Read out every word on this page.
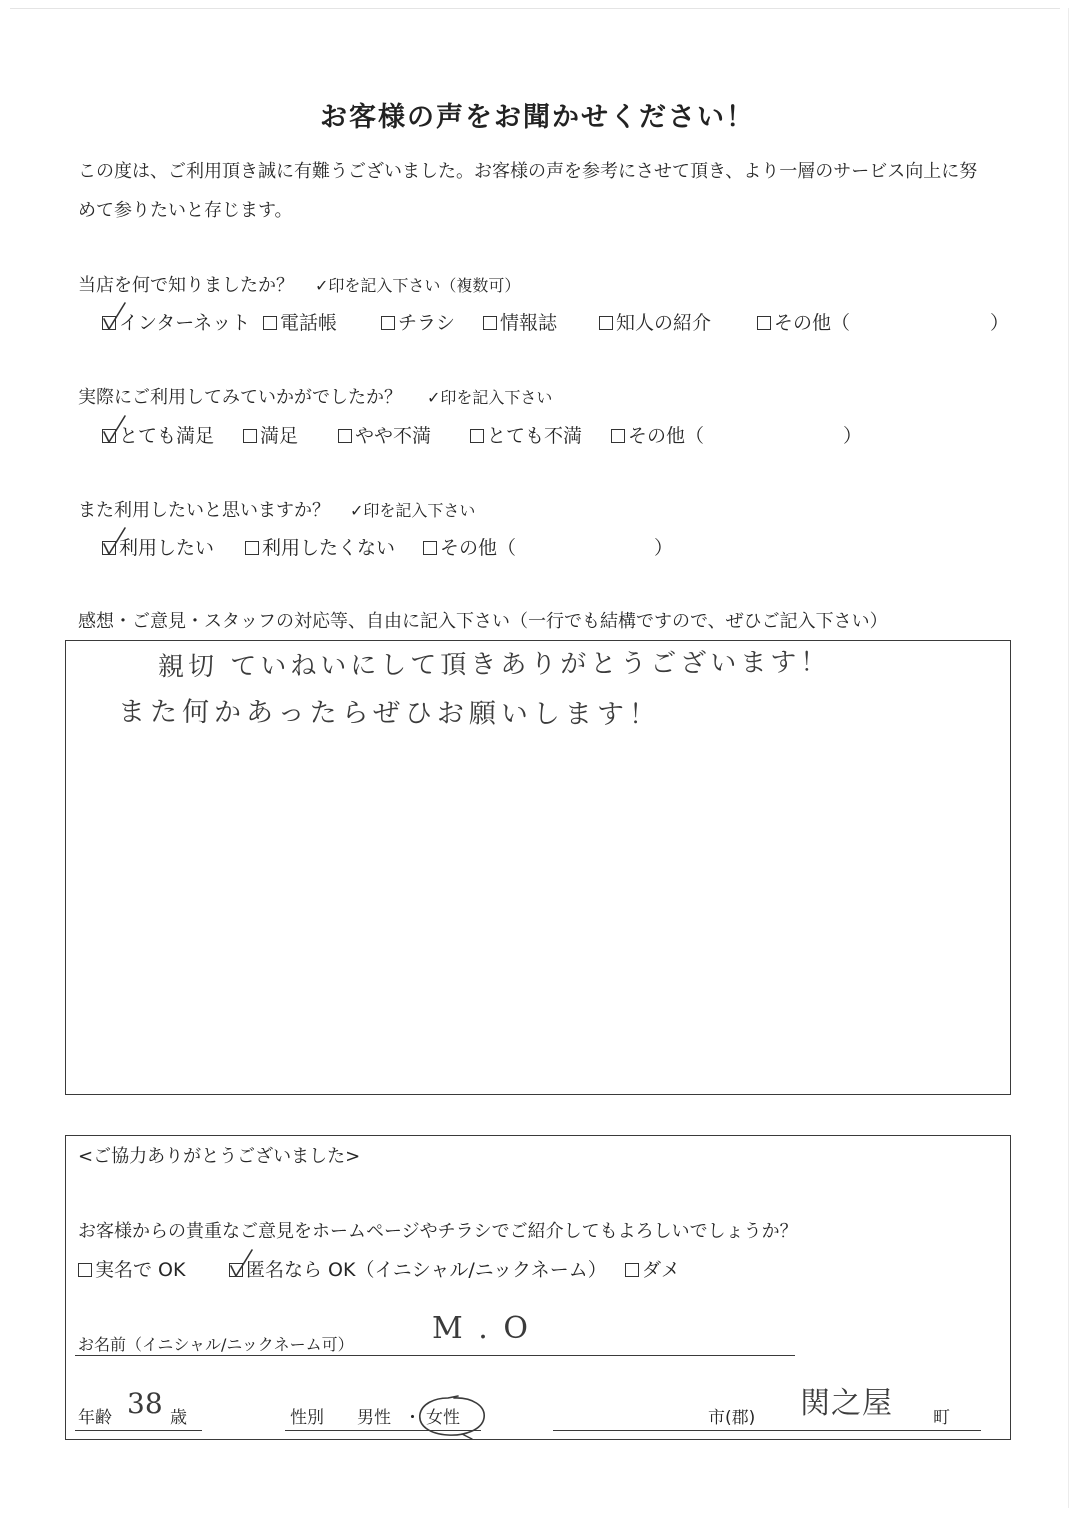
お客様の声をお聞かせください！
この度は、ご利用頂き誠に有難うございました。お客様の声を参考にさせて頂き、より一層のサービス向上に努
めて参りたいと存じます。
当店を何で知りましたか？ ✓印を記入下さい（複数可）
インターネット	電話帳	チラシ	情報誌	知人の紹介	その他（	）
実際にご利用してみていかがでしたか？ ✓印を記入下さい
とても満足	満足	やや不満	とても不満	その他（	）
また利用したいと思いますか？ ✓印を記入下さい
利用したい	利用したくない	その他（	）
感想・ご意見・スタッフの対応等、自由に記入下さい（一行でも結構ですので、ぜひご記入下さい）
親切 ていねいにして頂きありがとうございます！
また何かあったらぜひお願いします！
<ご協力ありがとうございました>
お客様からの貴重なご意見をホームページやチラシでご紹介してもよろしいでしょうか？
実名で OK	匿名なら OK（イニシャル/ニックネーム）	ダメ
お名前（イニシャル/ニックネーム可）	M . O
年齢 38 歳	性別 男性 ・ 女性	市(郡) 関之屋 町
